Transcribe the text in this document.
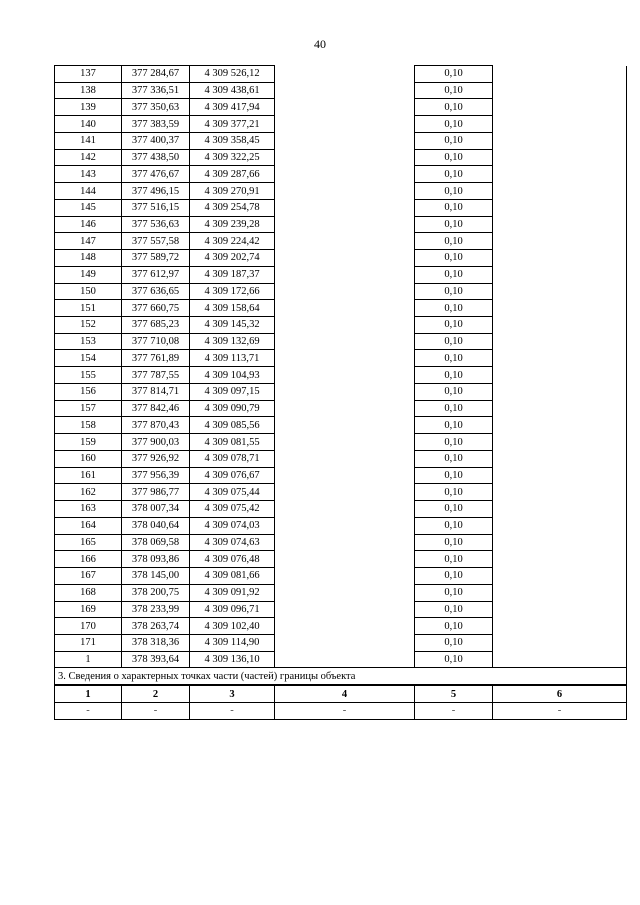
40
137	377 284,67	4 309 526,12		0,10	
138	377 336,51	4 309 438,61		0,10	
139	377 350,63	4 309 417,94		0,10	
140	377 383,59	4 309 377,21		0,10	
141	377 400,37	4 309 358,45		0,10	
142	377 438,50	4 309 322,25		0,10	
143	377 476,67	4 309 287,66		0,10	
144	377 496,15	4 309 270,91		0,10	
145	377 516,15	4 309 254,78		0,10	
146	377 536,63	4 309 239,28		0,10	
147	377 557,58	4 309 224,42		0,10	
148	377 589,72	4 309 202,74		0,10	
149	377 612,97	4 309 187,37		0,10	
150	377 636,65	4 309 172,66		0,10	
151	377 660,75	4 309 158,64		0,10	
152	377 685,23	4 309 145,32		0,10	
153	377 710,08	4 309 132,69		0,10	
154	377 761,89	4 309 113,71		0,10	
155	377 787,55	4 309 104,93		0,10	
156	377 814,71	4 309 097,15		0,10	
157	377 842,46	4 309 090,79		0,10	
158	377 870,43	4 309 085,56		0,10	
159	377 900,03	4 309 081,55		0,10	
160	377 926,92	4 309 078,71		0,10	
161	377 956,39	4 309 076,67		0,10	
162	377 986,77	4 309 075,44		0,10	
163	378 007,34	4 309 075,42		0,10	
164	378 040,64	4 309 074,03		0,10	
165	378 069,58	4 309 074,63		0,10	
166	378 093,86	4 309 076,48		0,10	
167	378 145,00	4 309 081,66		0,10	
168	378 200,75	4 309 091,92		0,10	
169	378 233,99	4 309 096,71		0,10	
170	378 263,74	4 309 102,40		0,10	
171	378 318,36	4 309 114,90		0,10	
1	378 393,64	4 309 136,10		0,10	
3. Сведения о характерных точках части (частей) границы объекта					
1	2	3	4	5	6
-	-	-	-	-	-
